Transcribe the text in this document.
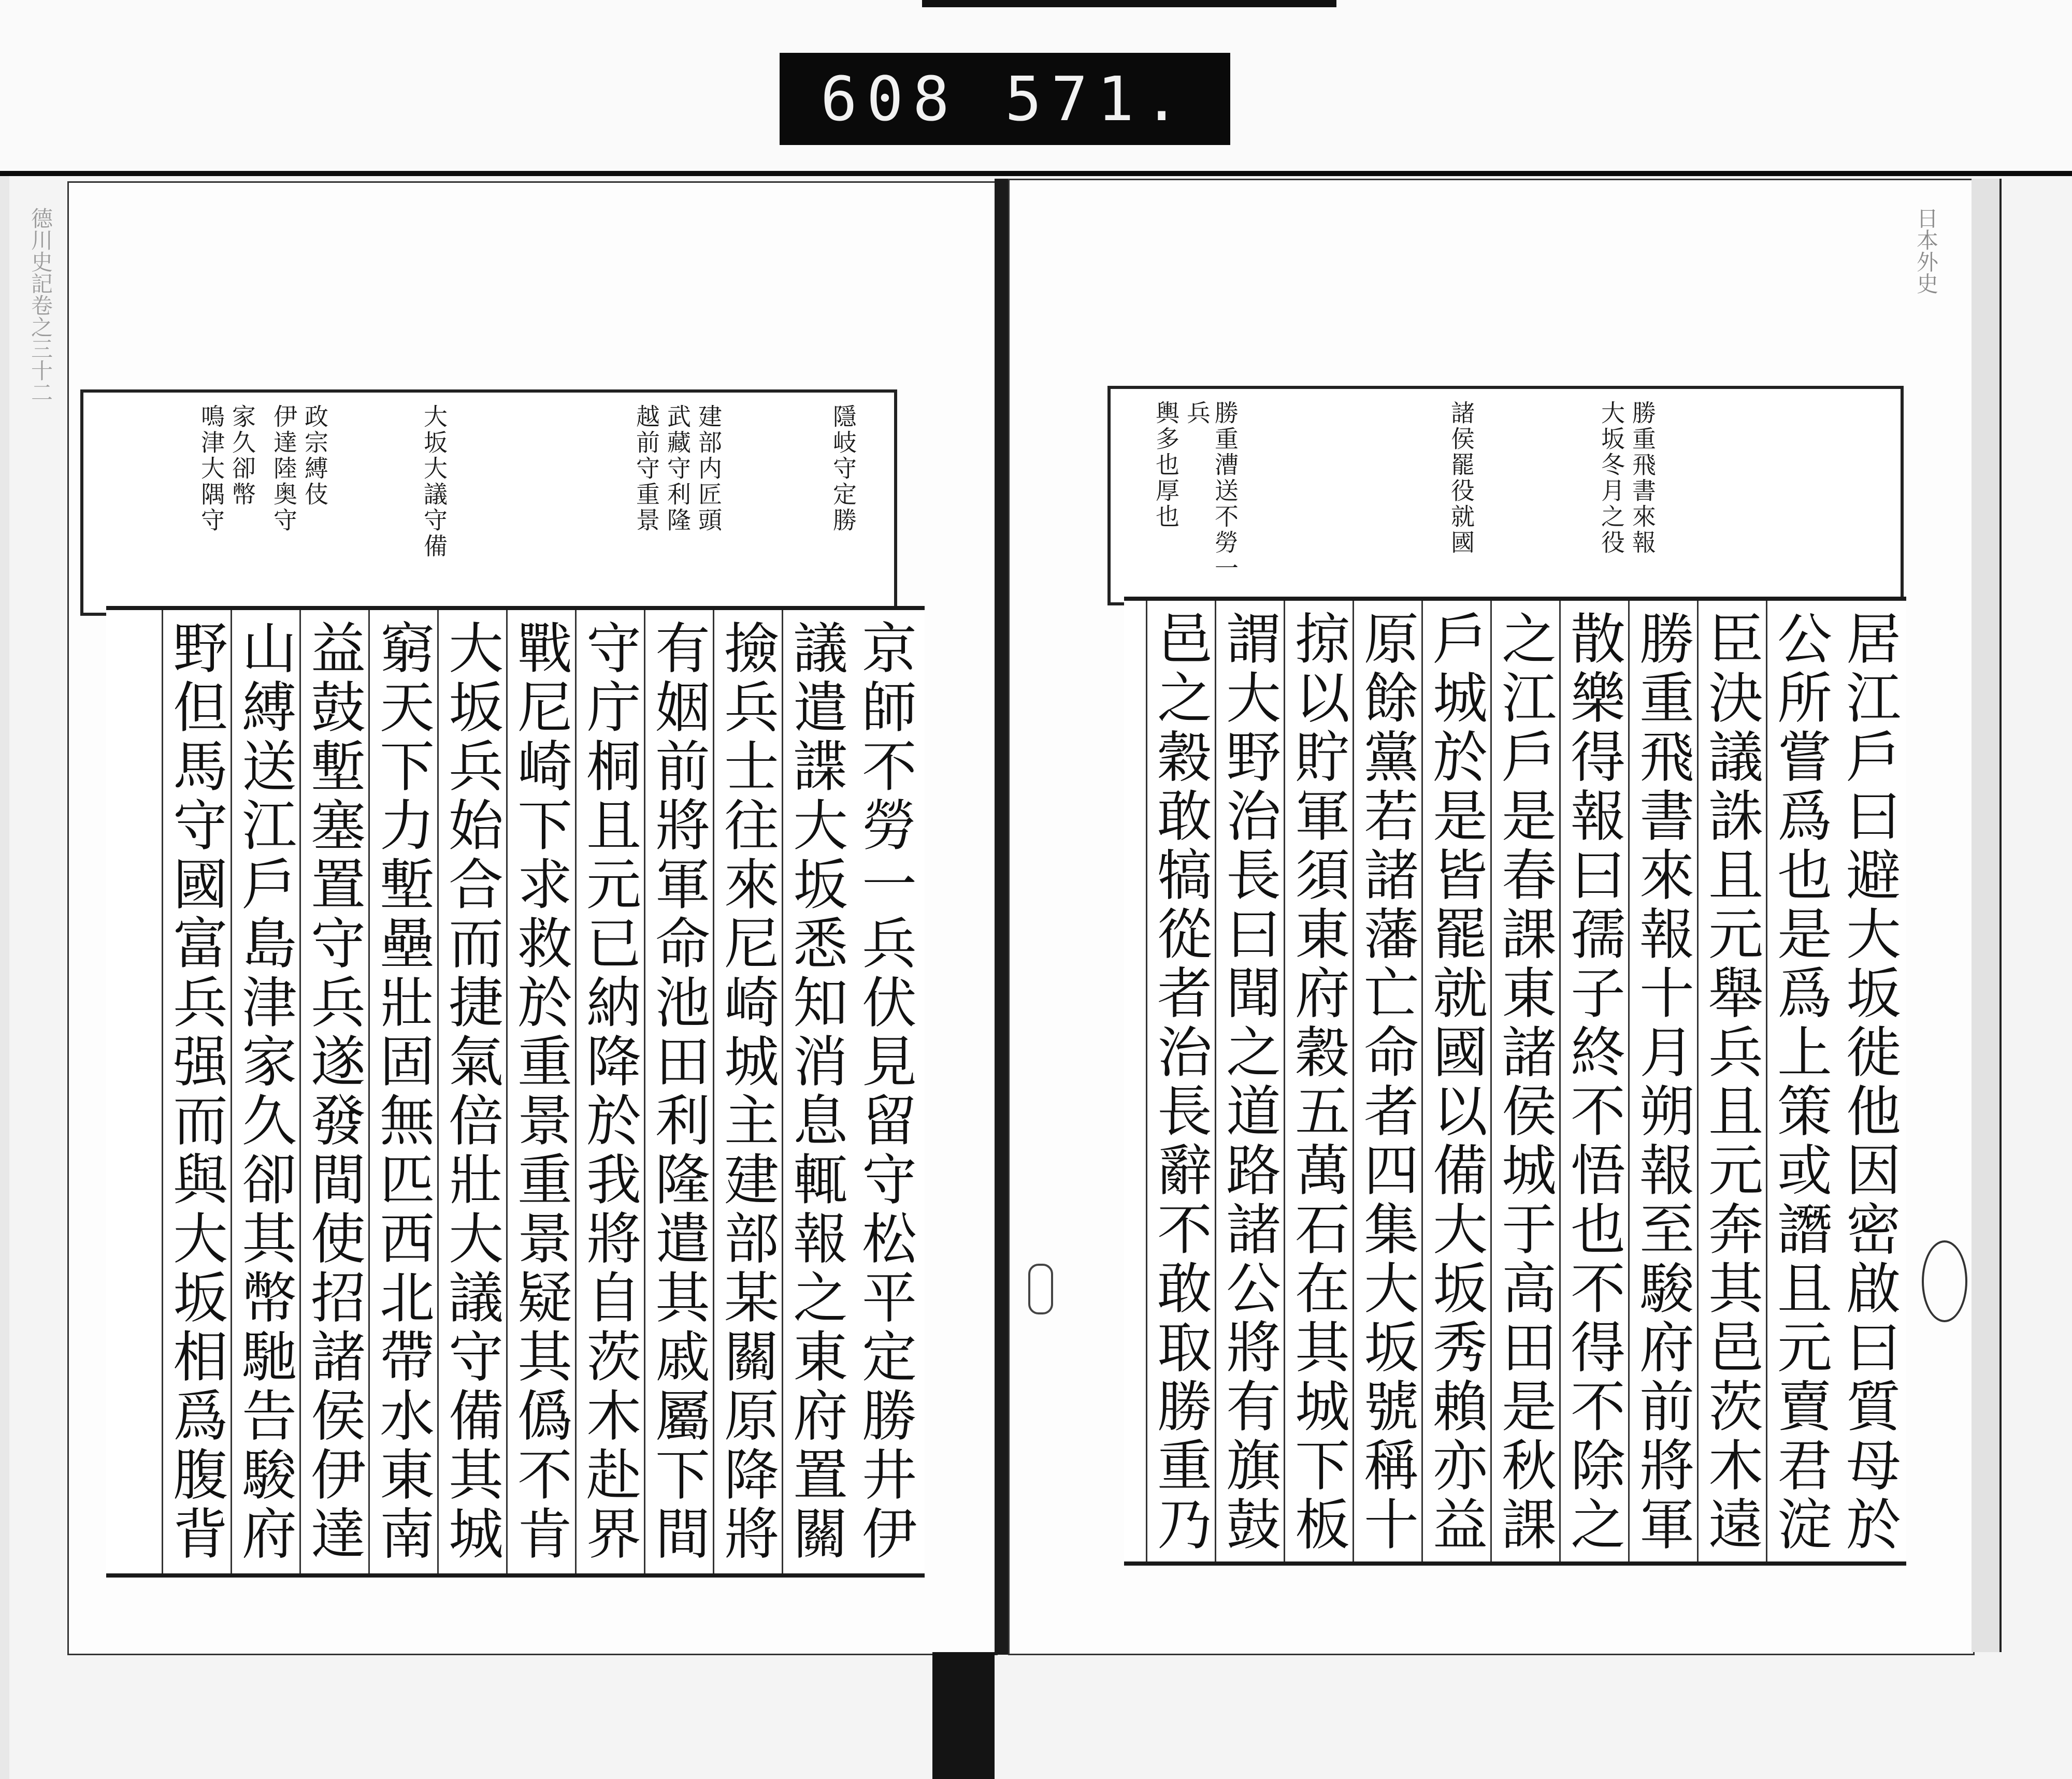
608 571.
德川史記卷之三十二	日本外史
隱岐守定勝
建部内匠頭
武藏守利隆
越前守重景
大坂大議守備
政宗縛伎
伊達陸奥守
家久卻幣
鳴津大隅守
京師不勞一兵伏見留守松平定勝井伊
議遣諜大坂悉知消息輒報之東府置關
撿兵士往來尼崎城主建部某關原降將
有姻前將軍命池田利隆遣其戚屬下間
守庁桐且元已納降於我將自茨木赴界
戰尼崎下求救於重景重景疑其僞不肯
大坂兵始合而捷氣倍壯大議守備其城
窮天下力塹壘壯固無匹西北帶水東南
益鼓塹塞置守兵遂發間使招諸侯伊達
山縛送江戶島津家久卻其幣馳告駿府
野但馬守國富兵强而與大坂相爲腹背
勝重飛書來報
大坂冬月之役
諸侯罷役就國
勝重漕送不勞一兵
輿多也厚也
居江戶曰避大坂徙他因密啟曰質母於
公所嘗爲也是爲上策或譖且元賣君淀
臣決議誅且元舉兵且元奔其邑茨木遠
勝重飛書來報十月朔報至駿府前將軍
散樂得報曰孺子終不悟也不得不除之
之江戶是春課東諸侯城于高田是秋課
戶城於是皆罷就國以備大坂秀賴亦益
原餘黨若諸藩亡命者四集大坂號稱十
掠以貯軍須東府穀五萬石在其城下板
謂大野治長曰聞之道路諸公將有旗鼓
邑之穀敢犒從者治長辭不敢取勝重乃
